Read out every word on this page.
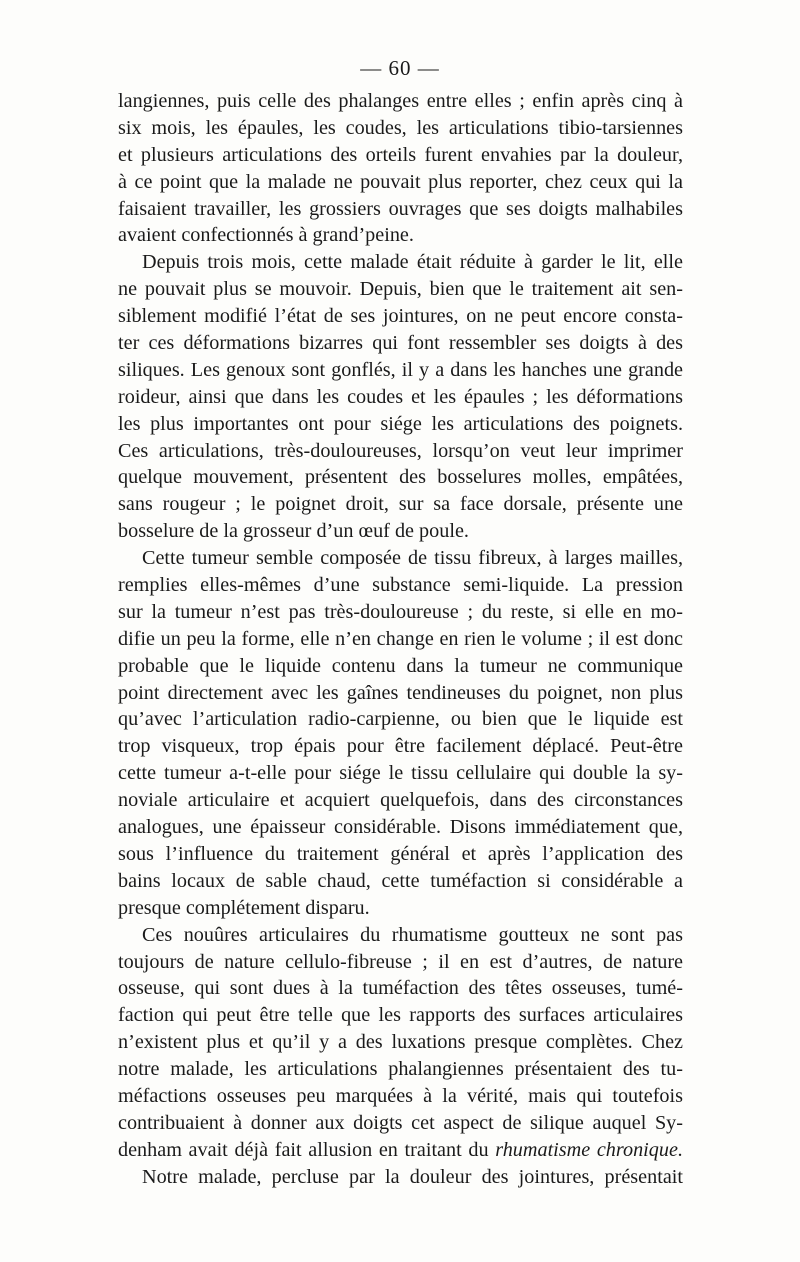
— 60 —
langiennes, puis celle des phalanges entre elles ; enfin après cinq à
six mois, les épaules, les coudes, les articulations tibio-tarsiennes
et plusieurs articulations des orteils furent envahies par la douleur,
à ce point que la malade ne pouvait plus reporter, chez ceux qui la
faisaient travailler, les grossiers ouvrages que ses doigts malhabiles
avaient confectionnés à grand’peine.
Depuis trois mois, cette malade était réduite à garder le lit, elle
ne pouvait plus se mouvoir. Depuis, bien que le traitement ait sen-
siblement modifié l’état de ses jointures, on ne peut encore consta-
ter ces déformations bizarres qui font ressembler ses doigts à des
siliques. Les genoux sont gonflés, il y a dans les hanches une grande
roideur, ainsi que dans les coudes et les épaules ; les déformations
les plus importantes ont pour siége les articulations des poignets.
Ces articulations, très-douloureuses, lorsqu’on veut leur imprimer
quelque mouvement, présentent des bosselures molles, empâtées,
sans rougeur ; le poignet droit, sur sa face dorsale, présente une
bosselure de la grosseur d’un œuf de poule.
Cette tumeur semble composée de tissu fibreux, à larges mailles,
remplies elles-mêmes d’une substance semi-liquide. La pression
sur la tumeur n’est pas très-douloureuse ; du reste, si elle en mo-
difie un peu la forme, elle n’en change en rien le volume ; il est donc
probable que le liquide contenu dans la tumeur ne communique
point directement avec les gaînes tendineuses du poignet, non plus
qu’avec l’articulation radio-carpienne, ou bien que le liquide est
trop visqueux, trop épais pour être facilement déplacé. Peut-être
cette tumeur a-t-elle pour siége le tissu cellulaire qui double la sy-
noviale articulaire et acquiert quelquefois, dans des circonstances
analogues, une épaisseur considérable. Disons immédiatement que,
sous l’influence du traitement général et après l’application des
bains locaux de sable chaud, cette tuméfaction si considérable a
presque complétement disparu.
Ces nouûres articulaires du rhumatisme goutteux ne sont pas
toujours de nature cellulo-fibreuse ; il en est d’autres, de nature
osseuse, qui sont dues à la tuméfaction des têtes osseuses, tumé-
faction qui peut être telle que les rapports des surfaces articulaires
n’existent plus et qu’il y a des luxations presque complètes. Chez
notre malade, les articulations phalangiennes présentaient des tu-
méfactions osseuses peu marquées à la vérité, mais qui toutefois
contribuaient à donner aux doigts cet aspect de silique auquel Sy-
denham avait déjà fait allusion en traitant du rhumatisme chronique.
Notre malade, percluse par la douleur des jointures, présentait
